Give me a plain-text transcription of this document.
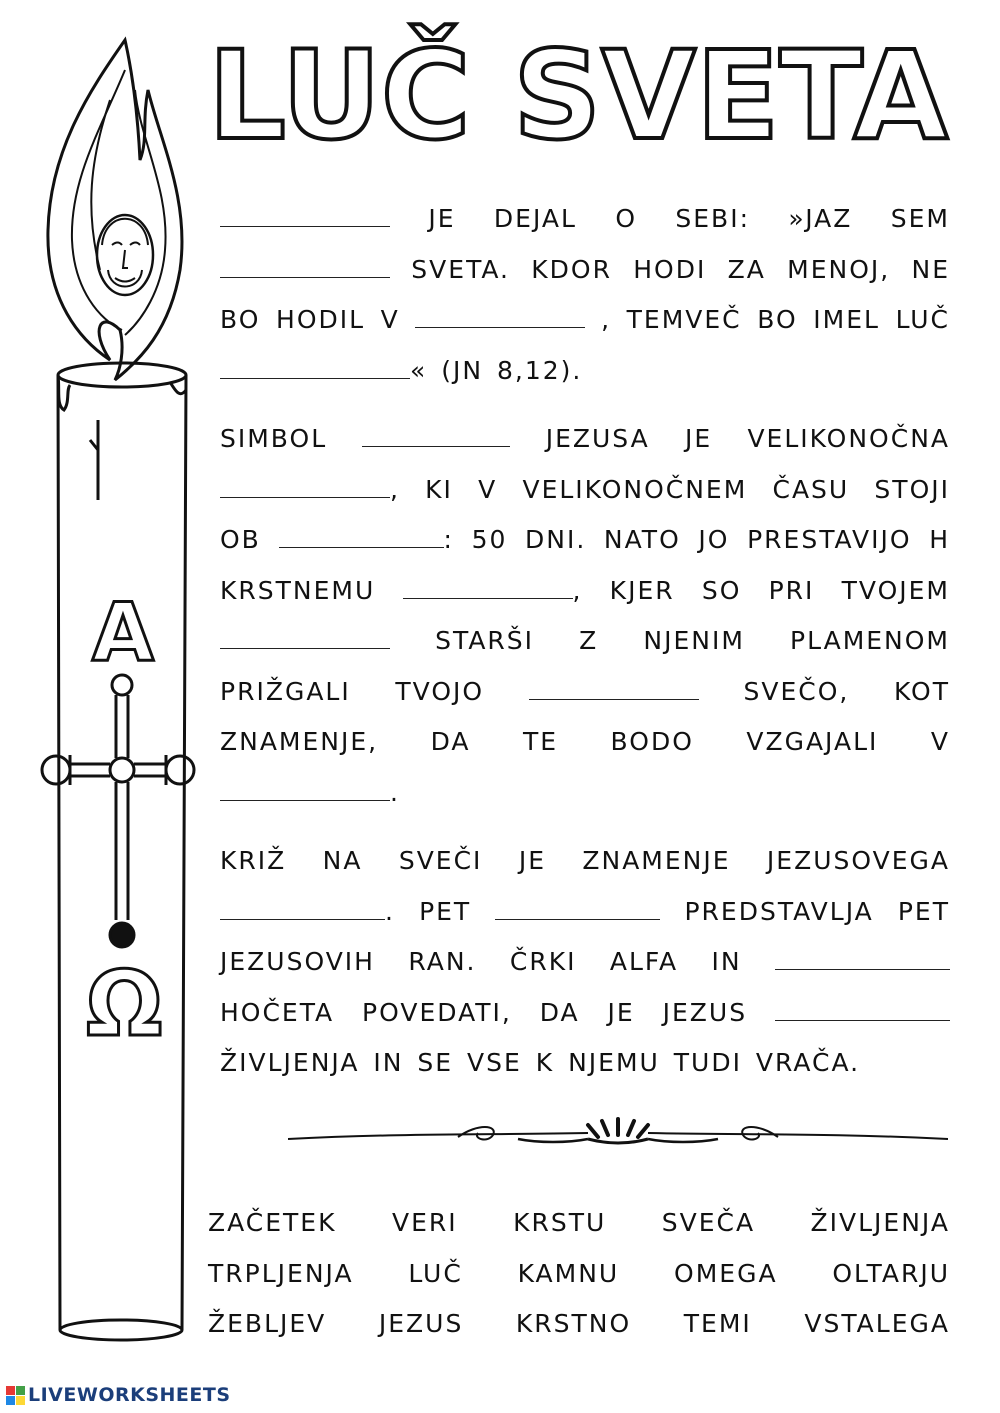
LUČ SVETA
A
Ω
JE DEJAL O SEBI: »JAZ SEM
SVETA. KDOR HODI ZA MENOJ, NE
BO HODIL V	, TEMVEČ BO IMEL LUČ
« (JN 8,12).
SIMBOL	JEZUSA JE VELIKONOČNA
, KI V VELIKONOČNEM ČASU STOJI
OB	: 50 DNI. NATO JO PRESTAVIJO H
KRSTNEMU	, KJER SO PRI TVOJEM
STARŠI Z NJENIM PLAMENOM
PRIŽGALI TVOJO	SVEČO, KOT
ZNAMENJE, DA TE BODO VZGAJALI V
.
KRIŽ NA SVEČI JE ZNAMENJE JEZUSOVEGA
. PET	PREDSTAVLJA PET
JEZUSOVIH RAN. ČRKI ALFA IN
HOČETA POVEDATI, DA JE JEZUS
ŽIVLJENJA IN SE VSE K NJEMU TUDI VRAČA.
ZAČETEK VERI KRSTU SVEČA ŽIVLJENJA
TRPLJENJA LUČ KAMNU OMEGA OLTARJU
ŽEBLJEV JEZUS KRSTNO TEMI VSTALEGA
LIVEWORKSHEETS
